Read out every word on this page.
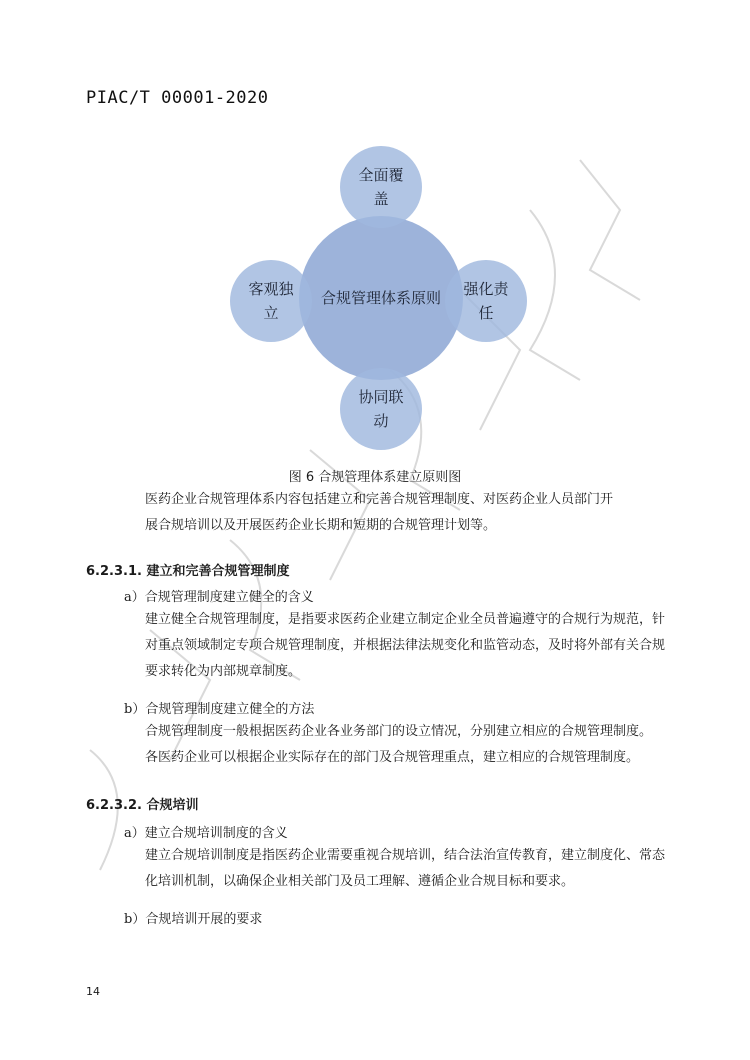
PIAC/T 00001-2020
合规管理体系原则
全面覆盖
客观独立
强化责任
协同联动
图 6 合规管理体系建立原则图
医药企业合规管理体系内容包括建立和完善合规管理制度、对医药企业人员部门开
展合规培训以及开展医药企业长期和短期的合规管理计划等。
6.2.3.1. 建立和完善合规管理制度
a）合规管理制度建立健全的含义
建立健全合规管理制度，是指要求医药企业建立制定企业全员普遍遵守的合规行为规范，针
对重点领域制定专项合规管理制度，并根据法律法规变化和监管动态，及时将外部有关合规
要求转化为内部规章制度。
b）合规管理制度建立健全的方法
合规管理制度一般根据医药企业各业务部门的设立情况，分别建立相应的合规管理制度。
各医药企业可以根据企业实际存在的部门及合规管理重点，建立相应的合规管理制度。
6.2.3.2. 合规培训
a）建立合规培训制度的含义
建立合规培训制度是指医药企业需要重视合规培训，结合法治宣传教育，建立制度化、常态
化培训机制，以确保企业相关部门及员工理解、遵循企业合规目标和要求。
b）合规培训开展的要求
14
